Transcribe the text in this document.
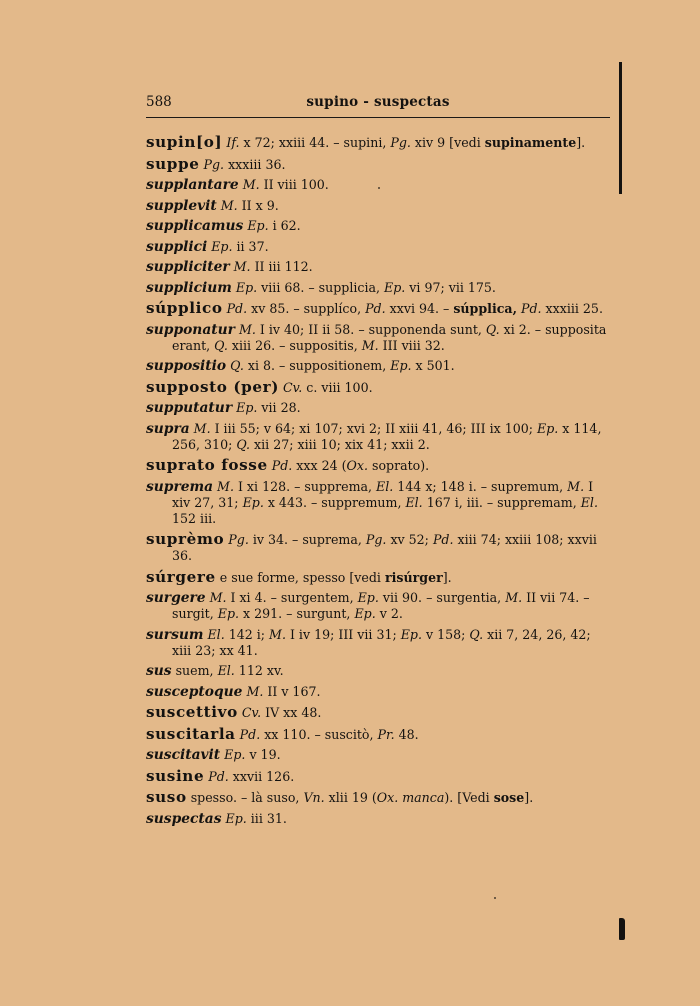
588	supino - suspectas
supin[o] If. x 72; xxiii 44. – supini, Pg. xiv 9 [vedi supinamente].
suppe Pg. xxxiii 36.
supplantare M. II viii 100.
supplevit M. II x 9.
supplicamus Ep. i 62.
supplici Ep. ii 37.
suppliciter M. II iii 112.
supplicium Ep. viii 68. – supplicia, Ep. vi 97; vii 175.
súpplico Pd. xv 85. – supplíco, Pd. xxvi 94. – súpplica, Pd. xxxiii 25.
supponatur M. I iv 40; II ii 58. – supponenda sunt, Q. xi 2. – supposita erant, Q. xiii 26. – suppositis, M. III viii 32.
suppositio Q. xi 8. – suppositionem, Ep. x 501.
supposto (per) Cv. c. viii 100.
supputatur Ep. vii 28.
supra M. I iii 55; v 64; xi 107; xvi 2; II xiii 41, 46; III ix 100; Ep. x 114, 256, 310; Q. xii 27; xiii 10; xix 41; xxii 2.
suprato fosse Pd. xxx 24 (Ox. soprato).
suprema M. I xi 128. – supprema, El. 144 x; 148 i. – supremum, M. I xiv 27, 31; Ep. x 443. – suppremum, El. 167 i, iii. – suppremam, El. 152 iii.
suprèmo Pg. iv 34. – suprema, Pg. xv 52; Pd. xiii 74; xxiii 108; xxvii 36.
súrgere e sue forme, spesso [vedi risúrger].
surgere M. I xi 4. – surgentem, Ep. vii 90. – surgentia, M. II vii 74. – surgit, Ep. x 291. – surgunt, Ep. v 2.
sursum El. 142 i; M. I iv 19; III vii 31; Ep. v 158; Q. xii 7, 24, 26, 42; xiii 23; xx 41.
sus suem, El. 112 xv.
susceptoque M. II v 167.
suscettivo Cv. IV xx 48.
suscitarla Pd. xx 110. – suscitò, Pr. 48.
suscitavit Ep. v 19.
susine Pd. xxvii 126.
suso spesso. – là suso, Vn. xlii 19 (Ox. manca). [Vedi sose].
suspectas Ep. iii 31.
